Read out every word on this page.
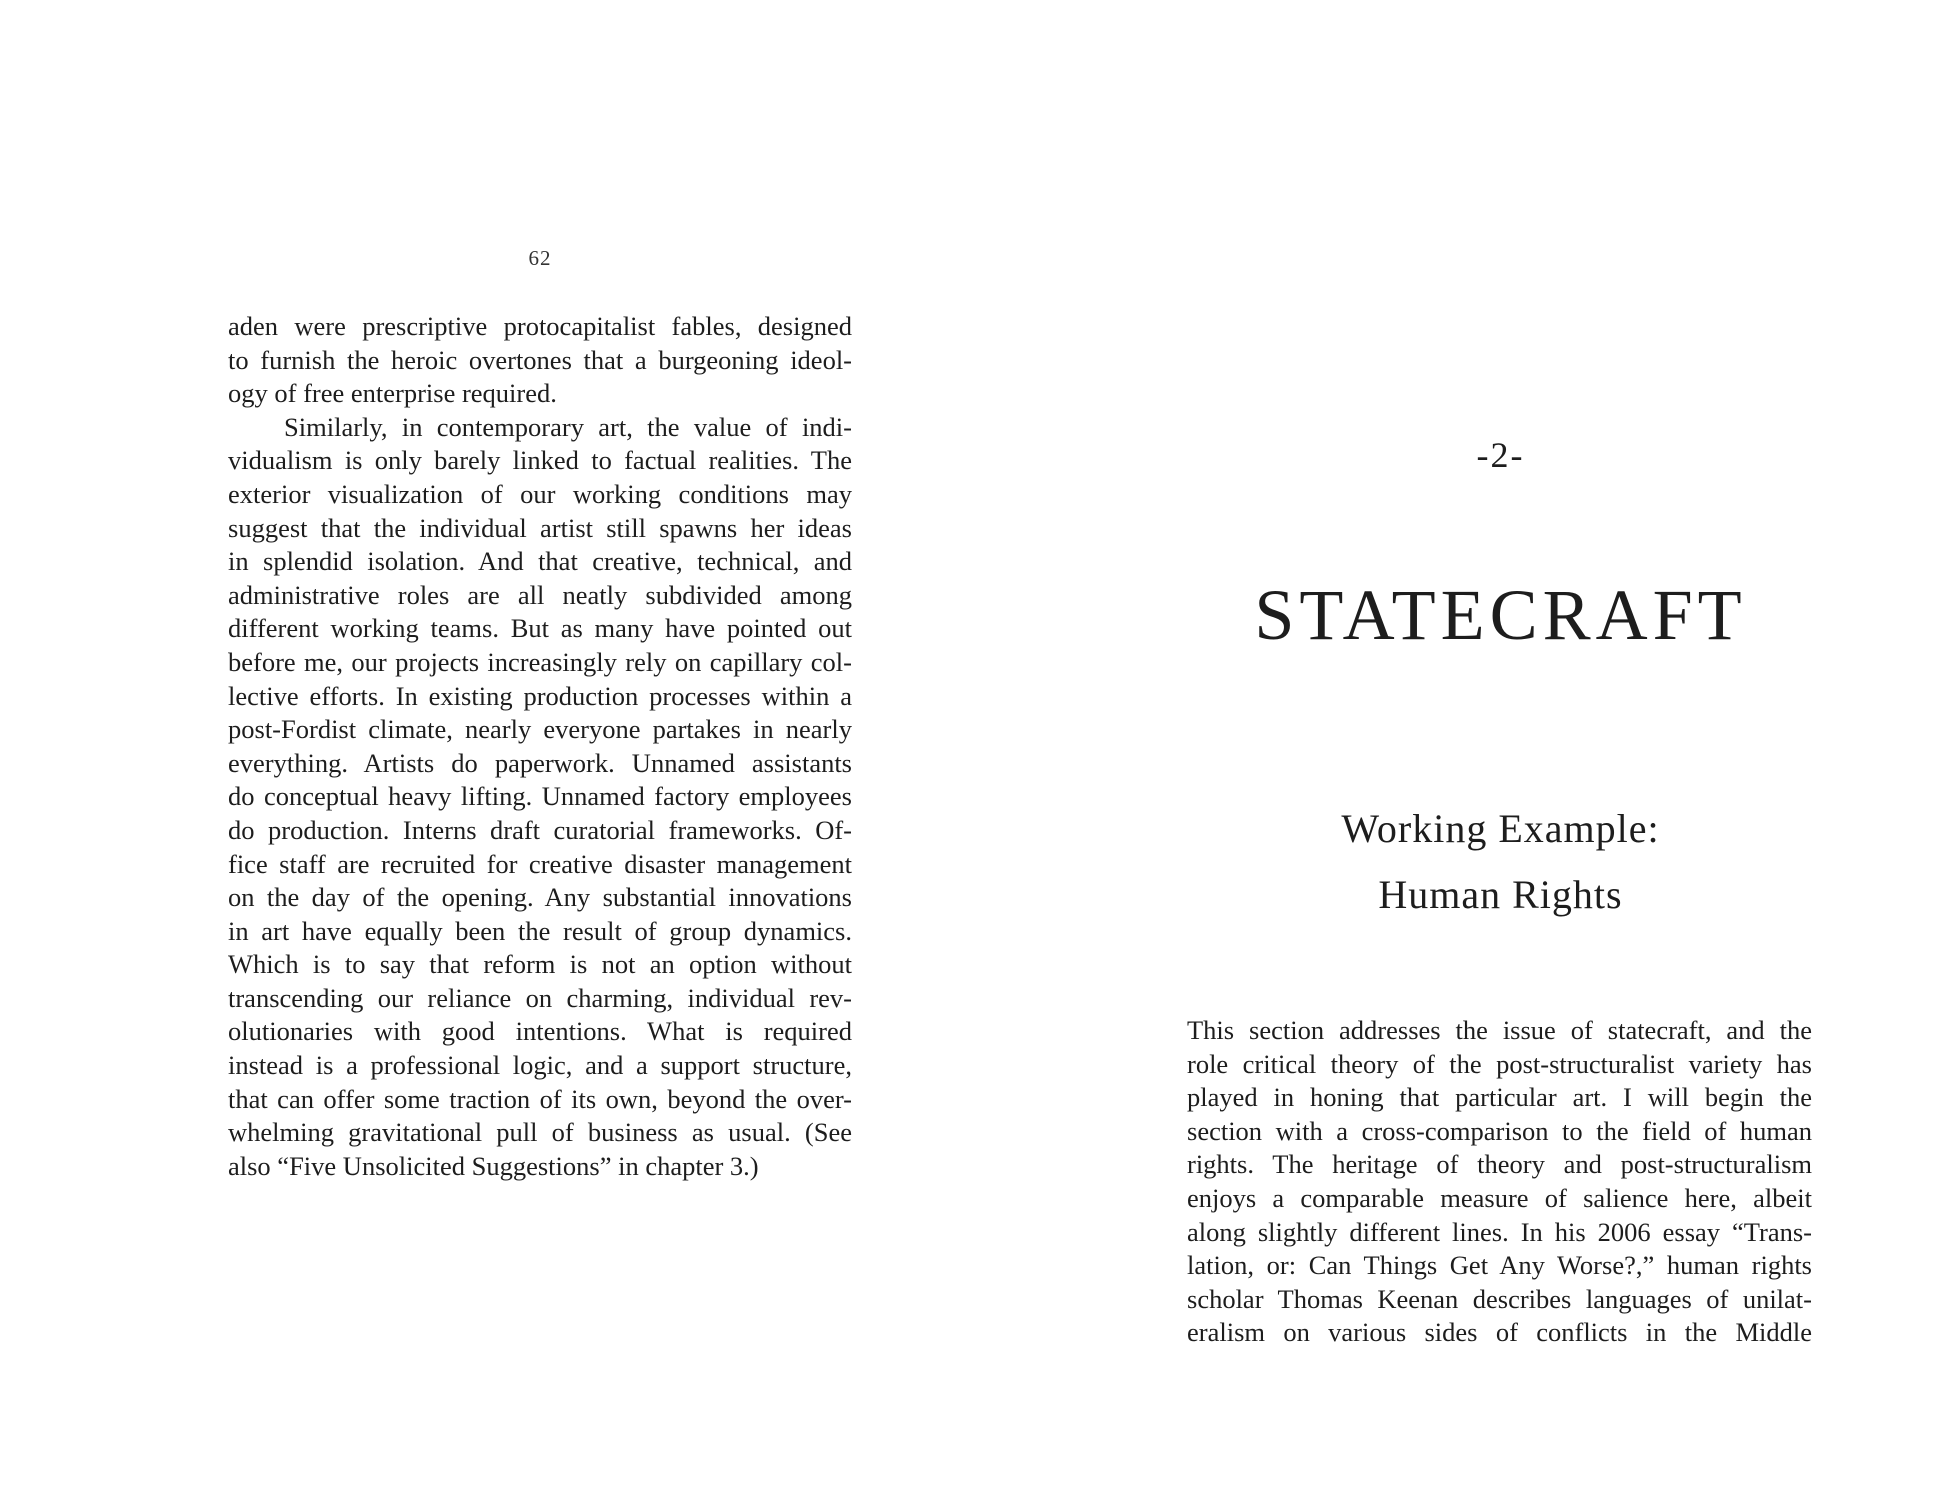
62

aden were prescriptive protocapitalist fables, designed
to furnish the heroic overtones that a burgeoning ideol-
ogy of free enterprise required.

Similarly, in contemporary art, the value of indi-
vidualism is only barely linked to factual realities. The
exterior visualization of our working conditions may
suggest that the individual artist still spawns her ideas
in splendid isolation. And that creative, technical, and
administrative roles are all neatly subdivided among
different working teams. But as many have pointed out
before me, our projects increasingly rely on capillary col-
lective efforts. In existing production processes within a
post-Fordist climate, nearly everyone partakes in nearly
everything. Artists do paperwork. Unnamed assistants
do conceptual heavy lifting. Unnamed factory employees
do production. Interns draft curatorial frameworks. Of-
fice staff are recruited for creative disaster management
on the day of the opening. Any substantial innovations
in art have equally been the result of group dynamics.
Which is to say that reform is not an option without
transcending our reliance on charming, individual rev-
olutionaries with good intentions. What is required
instead is a professional logic, and a support structure,
that can offer some traction of its own, beyond the over-
whelming gravitational pull of business as usual. (See
also “Five Unsolicited Suggestions” in chapter 3.)

-2-
STATECRAFT
Working Example:
Human Rights
This section addresses the issue of statecraft, and the
role critical theory of the post-structuralist variety has
played in honing that particular art. I will begin the
section with a cross-comparison to the field of human
rights. The heritage of theory and post-structuralism
enjoys a comparable measure of salience here, albeit
along slightly different lines. In his 2006 essay “Trans-
lation, or: Can Things Get Any Worse?,” human rights
scholar Thomas Keenan describes languages of unilat-
eralism on various sides of conflicts in the Middle
